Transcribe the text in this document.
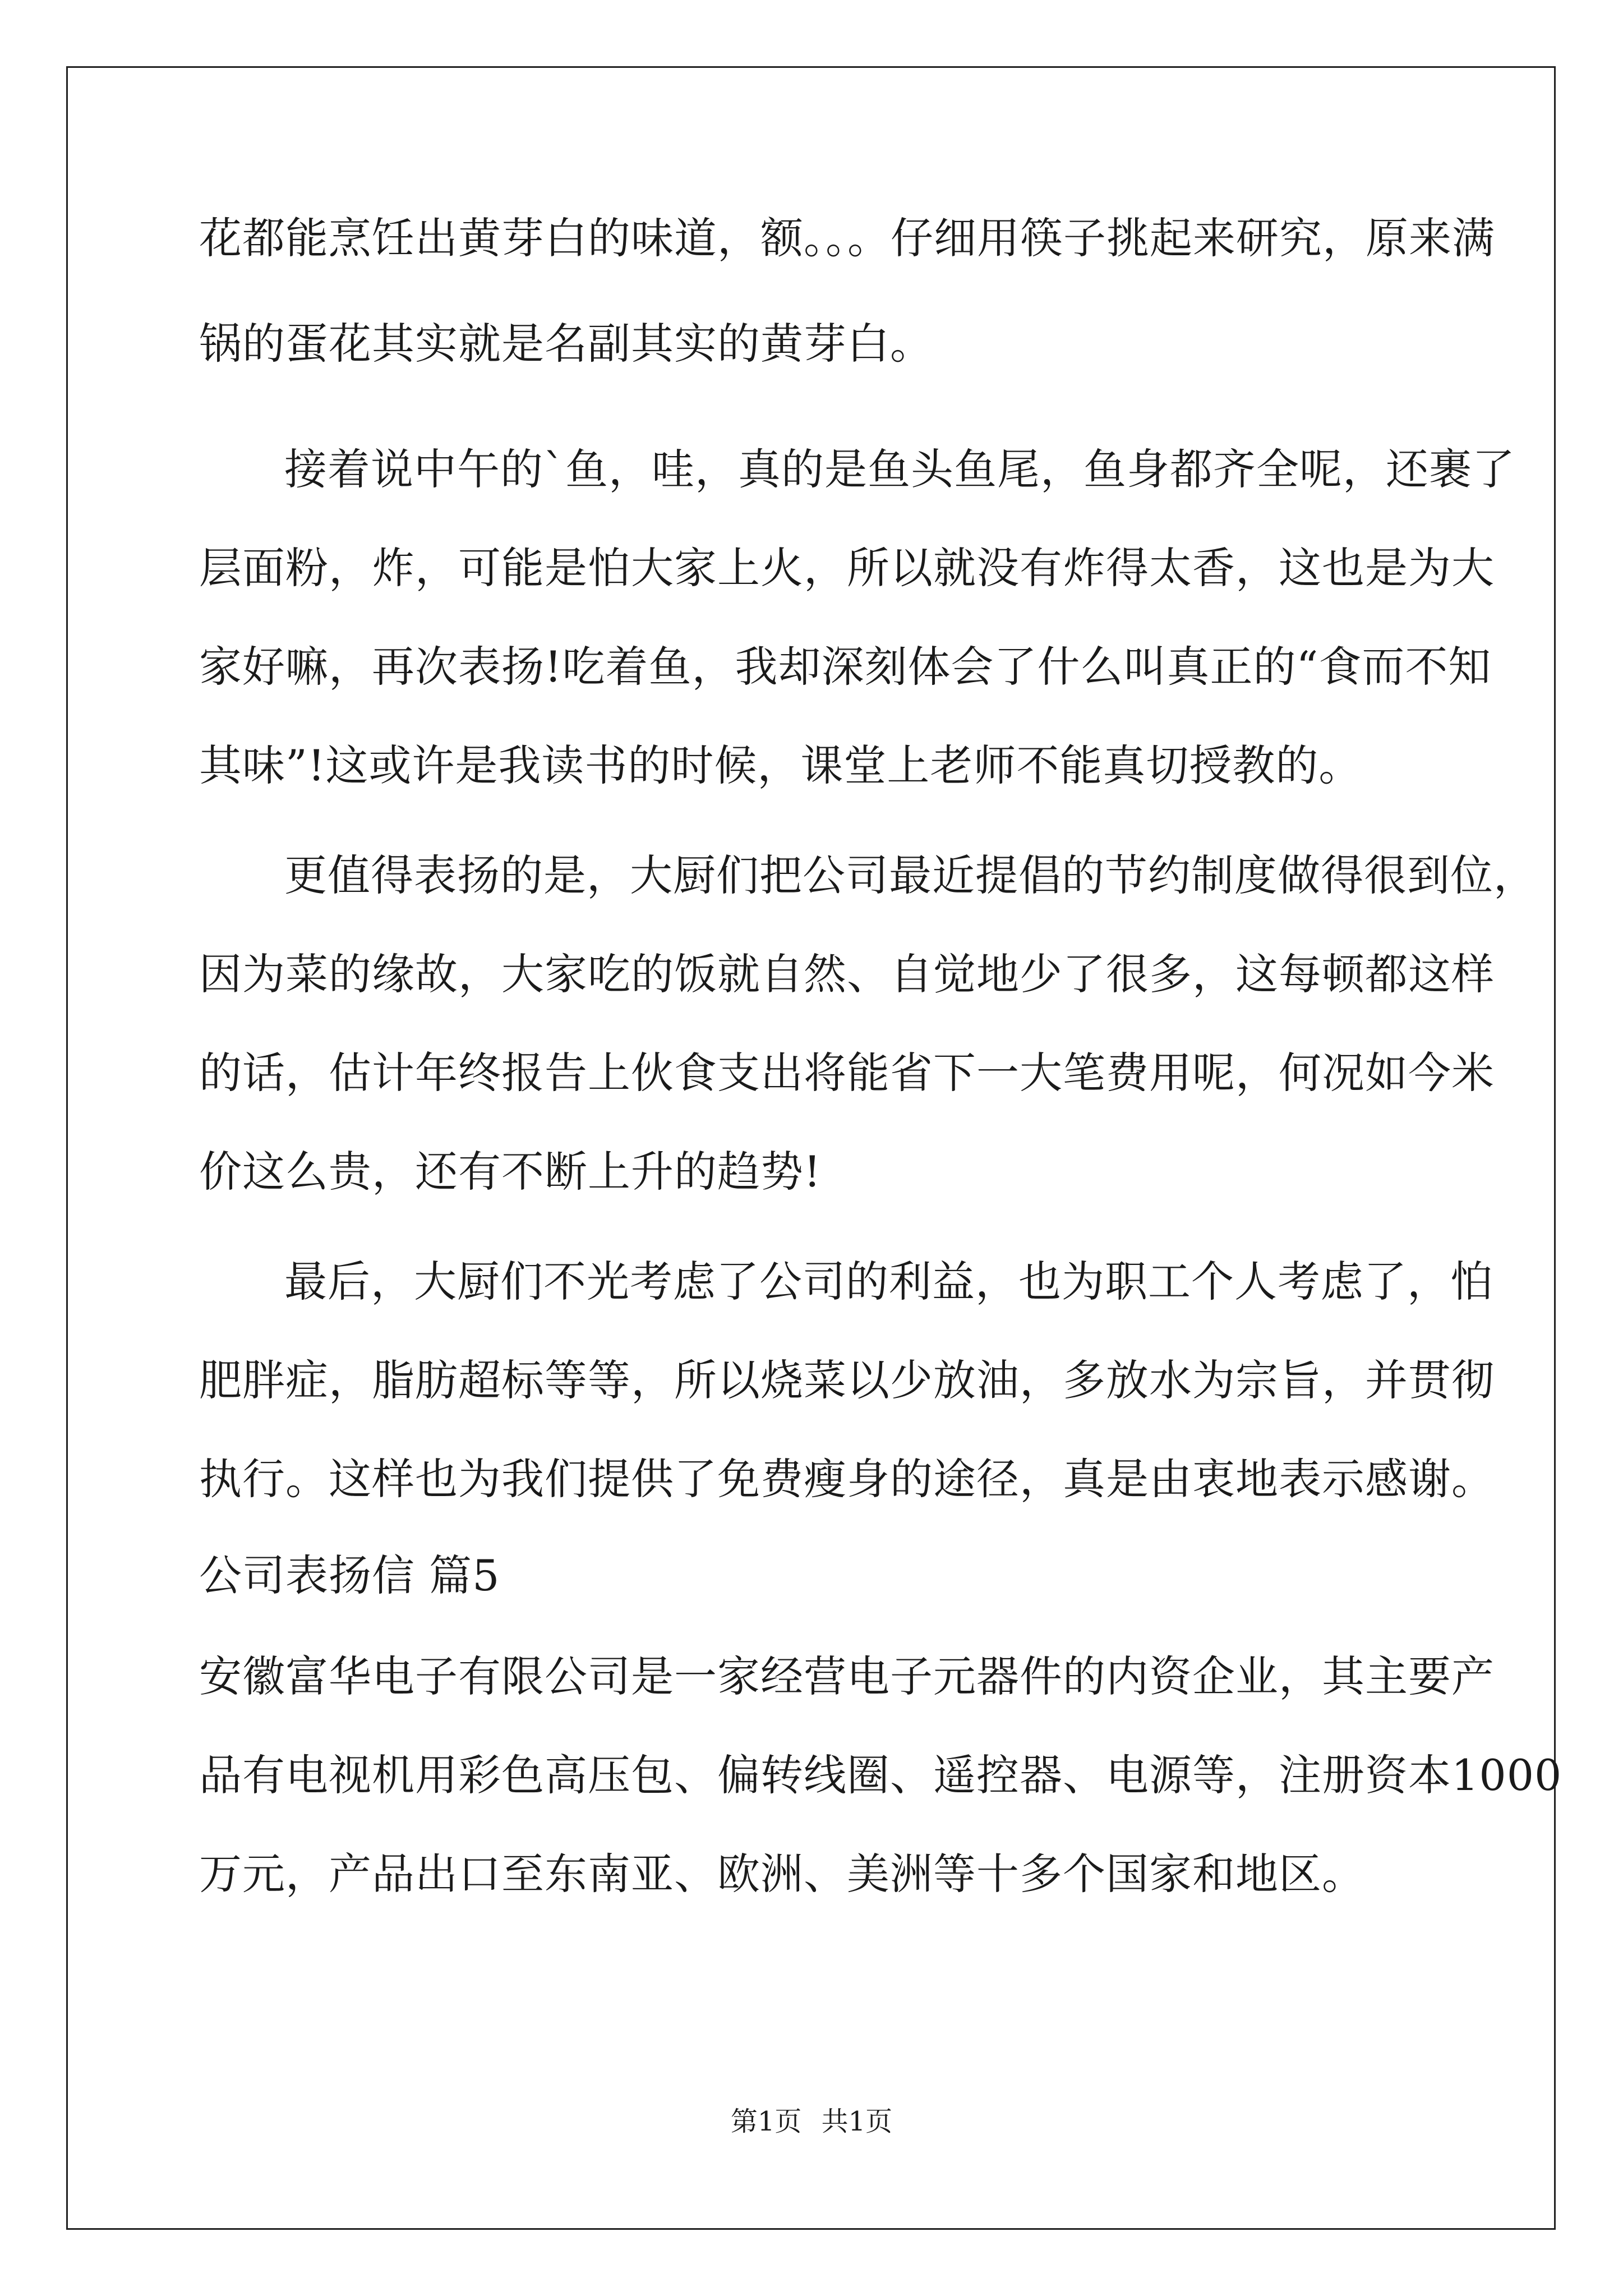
花都能烹饪出黄芽白的味道，额。。。仔细用筷子挑起来研究，原来满
锅的蛋花其实就是名副其实的黄芽白。
接着说中午的`鱼，哇，真的是鱼头鱼尾，鱼身都齐全呢，还裹了
层面粉，炸，可能是怕大家上火，所以就没有炸得太香，这也是为大
家好嘛，再次表扬!吃着鱼，我却深刻体会了什么叫真正的“食而不知
其味”!这或许是我读书的时候，课堂上老师不能真切授教的。
更值得表扬的是，大厨们把公司最近提倡的节约制度做得很到位，
因为菜的缘故，大家吃的饭就自然、自觉地少了很多，这每顿都这样
的话，估计年终报告上伙食支出将能省下一大笔费用呢，何况如今米
价这么贵，还有不断上升的趋势!
最后，大厨们不光考虑了公司的利益，也为职工个人考虑了，怕
肥胖症，脂肪超标等等，所以烧菜以少放油，多放水为宗旨，并贯彻
执行。这样也为我们提供了免费瘦身的途径，真是由衷地表示感谢。
公司表扬信 篇5
安徽富华电子有限公司是一家经营电子元器件的内资企业，其主要产
品有电视机用彩色高压包、偏转线圈、遥控器、电源等，注册资本1000
万元，产品出口至东南亚、欧洲、美洲等十多个国家和地区。
第1页 共1页
